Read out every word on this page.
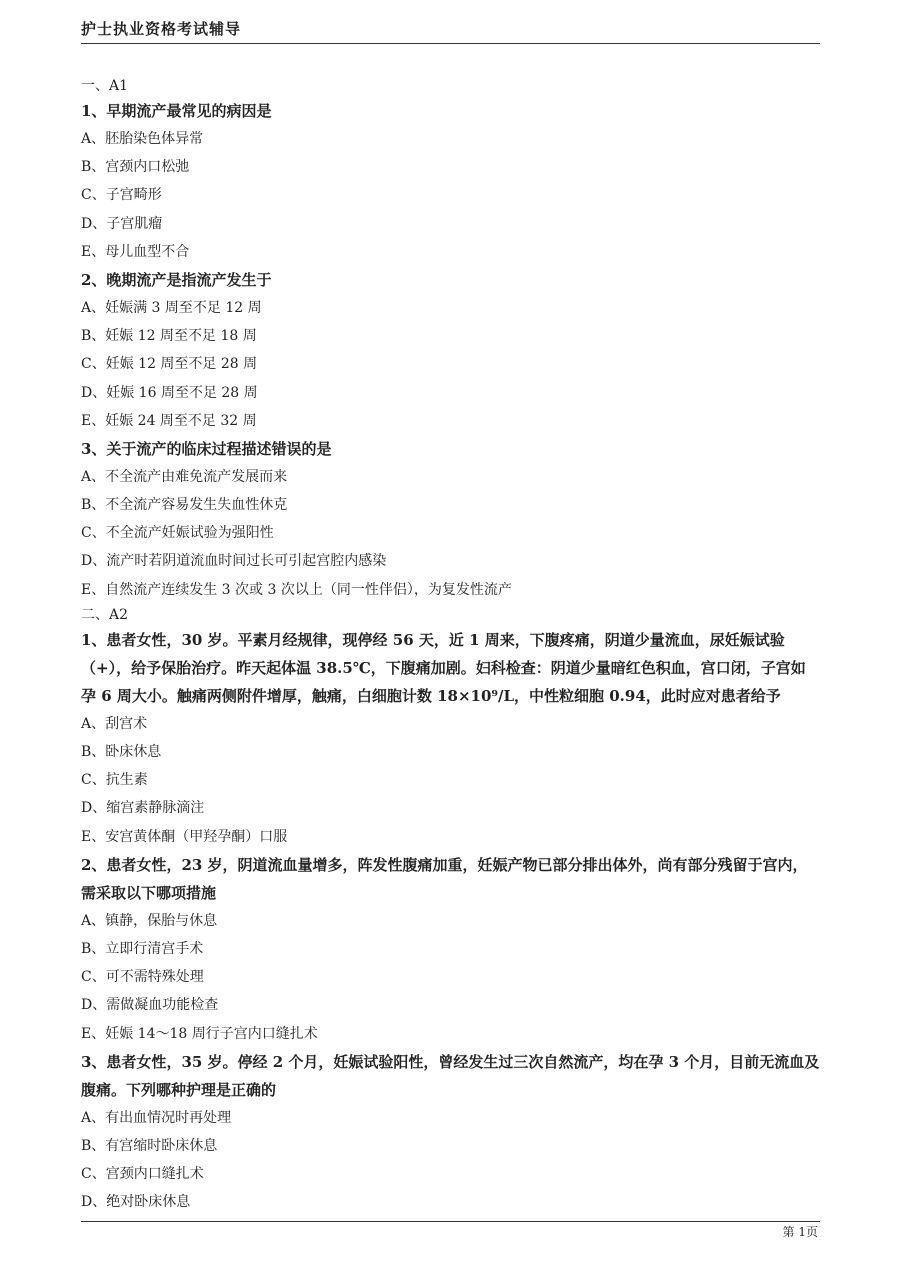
护士执业资格考试辅导
一、A1
1、早期流产最常见的病因是
A、胚胎染色体异常
B、宫颈内口松弛
C、子宫畸形
D、子宫肌瘤
E、母儿血型不合
2、晚期流产是指流产发生于
A、妊娠满 3 周至不足 12 周
B、妊娠 12 周至不足 18 周
C、妊娠 12 周至不足 28 周
D、妊娠 16 周至不足 28 周
E、妊娠 24 周至不足 32 周
3、关于流产的临床过程描述错误的是
A、不全流产由难免流产发展而来
B、不全流产容易发生失血性休克
C、不全流产妊娠试验为强阳性
D、流产时若阴道流血时间过长可引起宫腔内感染
E、自然流产连续发生 3 次或 3 次以上（同一性伴侣），为复发性流产
二、A2
1、患者女性，30 岁。平素月经规律，现停经 56 天，近 1 周来，下腹疼痛，阴道少量流血，尿妊娠试验（+），给予保胎治疗。昨天起体温 38.5℃，下腹痛加剧。妇科检查：阴道少量暗红色积血，宫口闭，子宫如孕 6 周大小。触痛两侧附件增厚，触痛，白细胞计数 18×10⁹/L，中性粒细胞 0.94，此时应对患者给予
A、刮宫术
B、卧床休息
C、抗生素
D、缩宫素静脉滴注
E、安宫黄体酮（甲羟孕酮）口服
2、患者女性，23 岁，阴道流血量增多，阵发性腹痛加重，妊娠产物已部分排出体外，尚有部分残留于宫内，需采取以下哪项措施
A、镇静，保胎与休息
B、立即行清宫手术
C、可不需特殊处理
D、需做凝血功能检查
E、妊娠 14～18 周行子宫内口缝扎术
3、患者女性，35 岁。停经 2 个月，妊娠试验阳性，曾经发生过三次自然流产，均在孕 3 个月，目前无流血及腹痛。下列哪种护理是正确的
A、有出血情况时再处理
B、有宫缩时卧床休息
C、宫颈内口缝扎术
D、绝对卧床休息
第 1页
